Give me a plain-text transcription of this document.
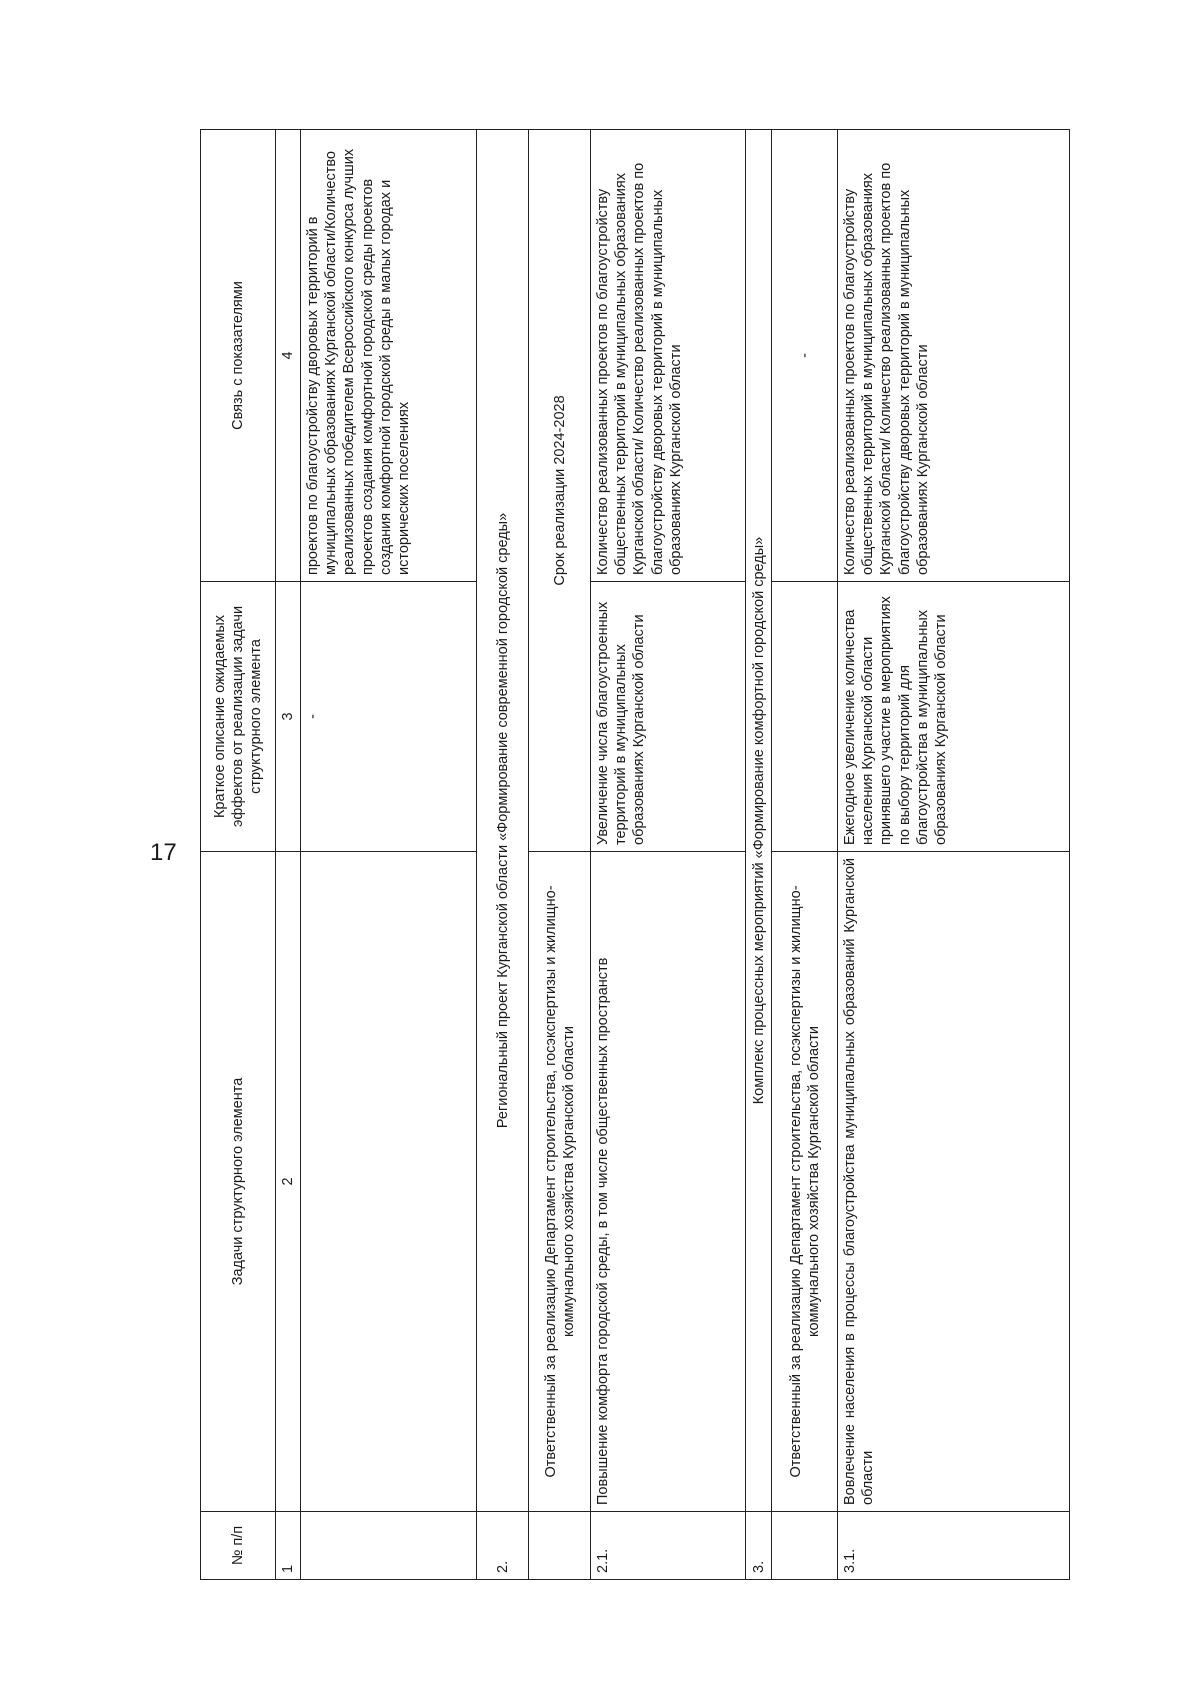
17
№ п/п	Задачи структурного элемента	Краткое описание ожидаемых эффектов от реализации задачи структурного элемента	Связь с показателями
1	2	3	4
		-	проектов по благоустройству дворовых территорий в муниципальных образованиях Курганской области/Количество реализованных победителем Всероссийского конкурса лучших проектов создания комфортной городской среды проектов создания комфортной городской среды в малых городах и исторических поселениях
2.	Региональный проект Курганской области «Формирование современной городской среды»		
	Ответственный за реализацию Департамент строительства, госэкспертизы и жилищно-коммунального хозяйства Курганской области	Срок реализации 2024-2028	
2.1.	Повышение комфорта городской среды, в том числе общественных пространств	Увеличение числа благоустроенных территорий в муниципальных образованиях Курганской области	Количество реализованных проектов по благоустройству общественных территорий в муниципальных образованиях Курганской области/ Количество реализованных проектов по благоустройству дворовых территорий в муниципальных образованиях Курганской области
3.	Комплекс процессных мероприятий «Формирование комфортной городской среды»		
	Ответственный за реализацию Департамент строительства, госэкспертизы и жилищно-коммунального хозяйства Курганской области		-
3.1.	Вовлечение населения в процессы благоустройства муниципальных образований Курганской области	Ежегодное увеличение количества населения Курганской области принявшего участие в мероприятиях по выбору территорий для благоустройства в муниципальных образованиях Курганской области	Количество реализованных проектов по благоустройству общественных территорий в муниципальных образованиях Курганской области/ Количество реализованных проектов по благоустройству дворовых территорий в муниципальных образованиях Курганской области
